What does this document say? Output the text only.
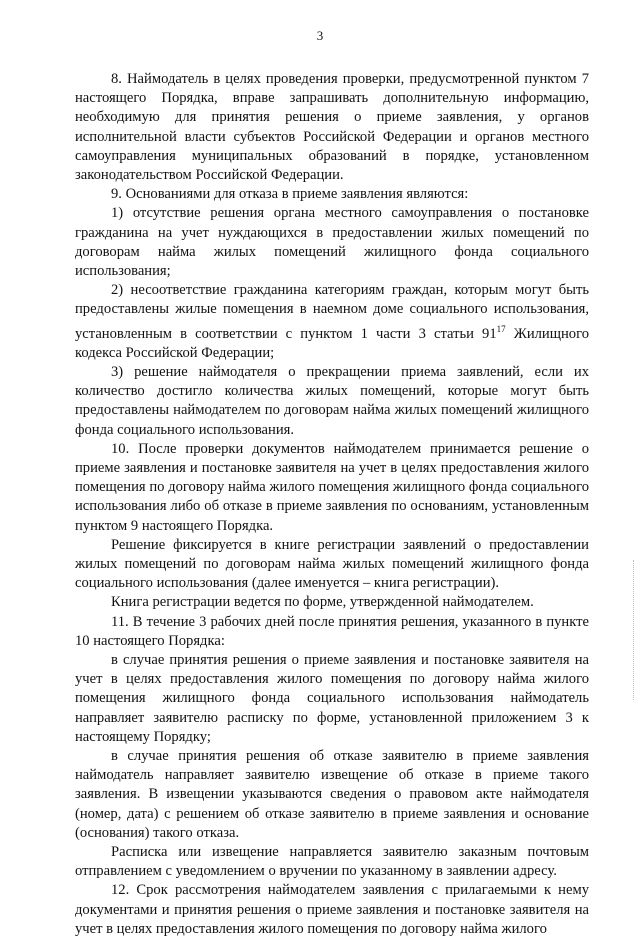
3

8. Наймодатель в целях проведения проверки, предусмотренной пунктом 7 настоящего Порядка, вправе запрашивать дополнительную информацию, необходимую для принятия решения о приеме заявления, у органов исполнительной власти субъектов Российской Федерации и органов местного самоуправления муниципальных образований в порядке, установленном законодательством Российской Федерации.

9. Основаниями для отказа в приеме заявления являются:

1) отсутствие решения органа местного самоуправления о постановке гражданина на учет нуждающихся в предоставлении жилых помещений по договорам найма жилых помещений жилищного фонда социального использования;

2) несоответствие гражданина категориям граждан, которым могут быть предоставлены жилые помещения в наемном доме социального использования, установленным в соответствии с пунктом 1 части 3 статьи $91^{17}$ Жилищного кодекса Российской Федерации;

3) решение наймодателя о прекращении приема заявлений, если их количество достигло количества жилых помещений, которые могут быть предоставлены наймодателем по договорам найма жилых помещений жилищного фонда социального использования.

10. После проверки документов наймодателем принимается решение о приеме заявления и постановке заявителя на учет в целях предоставления жилого помещения по договору найма жилого помещения жилищного фонда социального использования либо об отказе в приеме заявления по основаниям, установленным пунктом 9 настоящего Порядка.

Решение фиксируется в книге регистрации заявлений о предоставлении жилых помещений по договорам найма жилых помещений жилищного фонда социального использования (далее именуется – книга регистрации).

Книга регистрации ведется по форме, утвержденной наймодателем.

11. В течение 3 рабочих дней после принятия решения, указанного в пункте 10 настоящего Порядка:

в случае принятия решения о приеме заявления и постановке заявителя на учет в целях предоставления жилого помещения по договору найма жилого помещения жилищного фонда социального использования наймодатель направляет заявителю расписку по форме, установленной приложением 3 к настоящему Порядку;

в случае принятия решения об отказе заявителю в приеме заявления наймодатель направляет заявителю извещение об отказе в приеме такого заявления. В извещении указываются сведения о правовом акте наймодателя (номер, дата) с решением об отказе заявителю в приеме заявления и основание (основания) такого отказа.

Расписка или извещение направляется заявителю заказным почтовым отправлением с уведомлением о вручении по указанному в заявлении адресу.

12. Срок рассмотрения наймодателем заявления с прилагаемыми к нему документами и принятия решения о приеме заявления и постановке заявителя на учет в целях предоставления жилого помещения по договору найма жилого
